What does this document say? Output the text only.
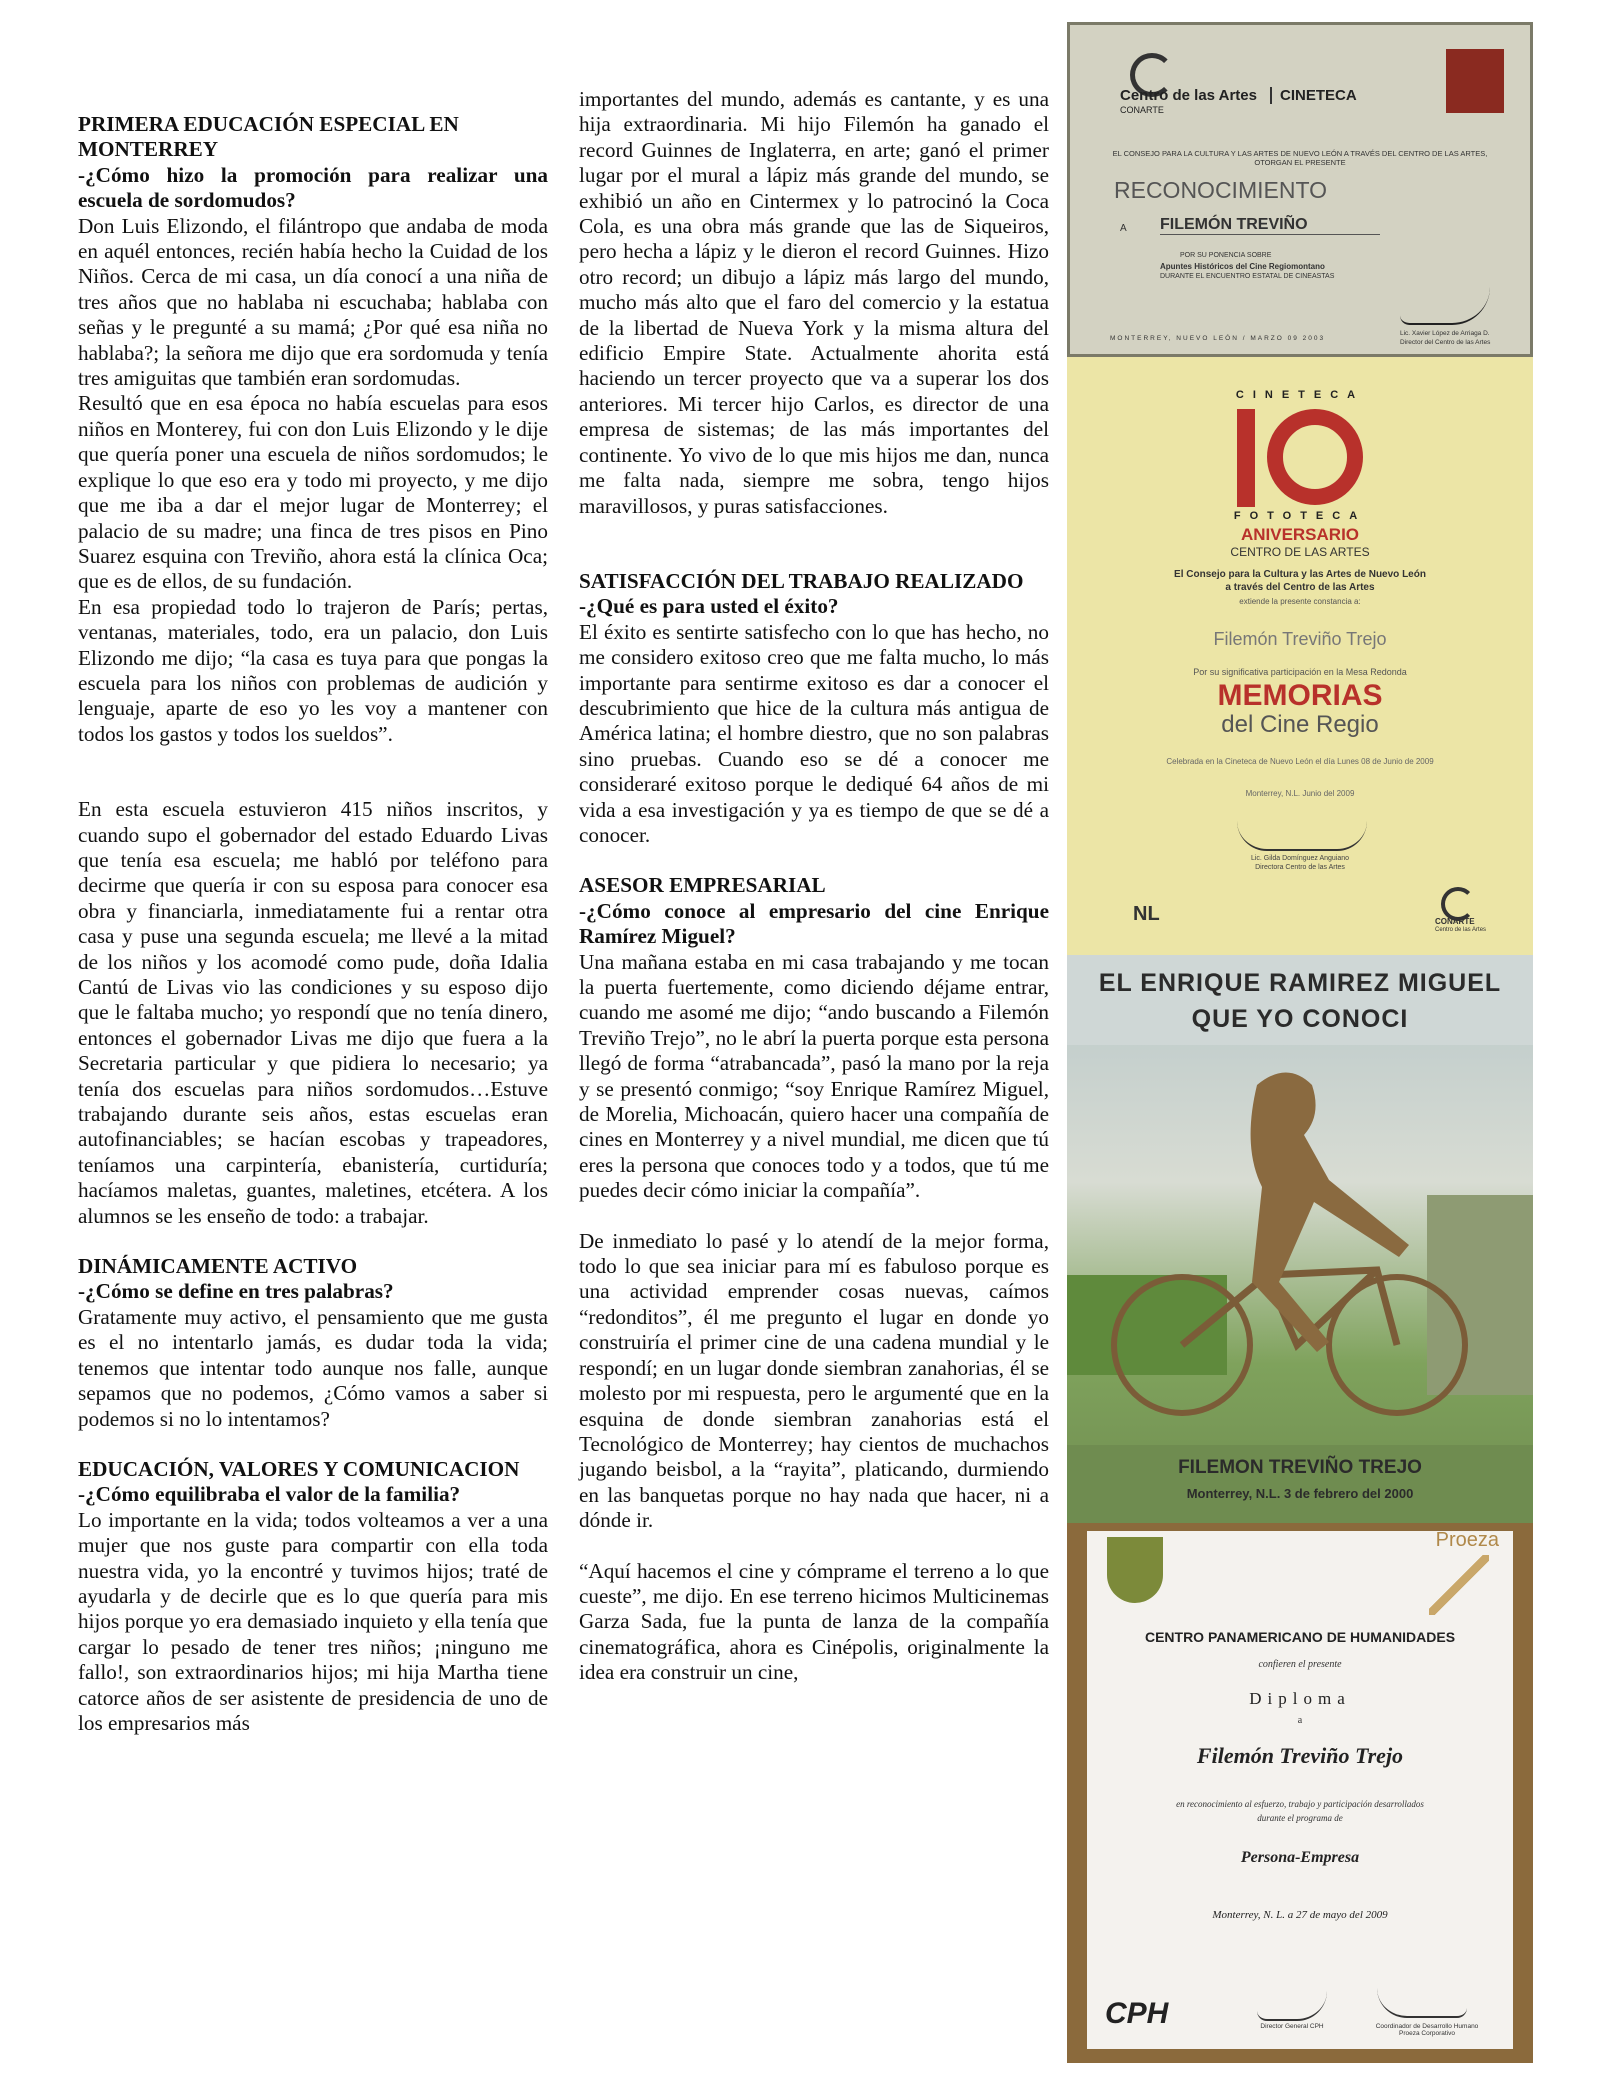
PRIMERA EDUCACIÓN ESPECIAL EN MONTERREY

-¿Cómo hizo la promoción para realizar una escuela de sordomudos?

Don Luis Elizondo, el filántropo que andaba de moda en aquél entonces, recién había hecho la Cuidad de los Niños. Cerca de mi casa, un día conocí a una niña de tres años que no hablaba ni escuchaba; hablaba con señas y le pregunté a su mamá; ¿Por qué esa niña no hablaba?; la señora me dijo que era sordomuda y tenía tres amiguitas que también eran sordomudas.

Resultó que en esa época no había escuelas para esos niños en Monterey, fui con don Luis Elizondo y le dije que quería poner una escuela de niños sordomudos; le explique lo que eso era y todo mi proyecto, y me dijo que me iba a dar el mejor lugar de Monterrey; el palacio de su madre; una finca de tres pisos en Pino Suarez esquina con Treviño, ahora está la clínica Oca; que es de ellos, de su fundación.

En esa propiedad todo lo trajeron de París; pertas, ventanas, materiales, todo, era un palacio, don Luis Elizondo me dijo; “la casa es tuya para que pongas la escuela para los niños con problemas de audición y lenguaje, aparte de eso yo les voy a mantener con todos los gastos y todos los sueldos”.

En esta escuela estuvieron 415 niños inscritos, y cuando supo el gobernador del estado Eduardo Livas que tenía esa escuela; me habló por teléfono para decirme que quería ir con su esposa para conocer esa obra y financiarla, inmediatamente fui a rentar otra casa y puse una segunda escuela; me llevé a la mitad de los niños y los acomodé como pude, doña Idalia Cantú de Livas vio las condiciones y su esposo dijo que le faltaba mucho; yo respondí que no tenía dinero, entonces el gobernador Livas me dijo que fuera a la Secretaria particular y que pidiera lo necesario; ya tenía dos escuelas para niños sordomudos…Estuve trabajando durante seis años, estas escuelas eran autofinanciables; se hacían escobas y trapeadores, teníamos una carpintería, ebanistería, curtiduría; hacíamos maletas, guantes, maletines, etcétera. A los alumnos se les enseño de todo: a trabajar.

DINÁMICAMENTE ACTIVO

-¿Cómo se define en tres palabras?

Gratamente muy activo, el pensamiento que me gusta es el no intentarlo jamás, es dudar toda la vida; tenemos que intentar todo aunque nos falle, aunque sepamos que no podemos, ¿Cómo vamos a saber si podemos si no lo intentamos?

EDUCACIÓN, VALORES Y COMUNICACION

-¿Cómo equilibraba el valor de la familia?

Lo importante en la vida; todos volteamos a ver a una mujer que nos guste para compartir con ella toda nuestra vida, yo la encontré y tuvimos hijos; traté de ayudarla y de decirle que es lo que quería para mis hijos porque yo era demasiado inquieto y ella tenía que cargar lo pesado de tener tres niños; ¡ninguno me fallo!, son extraordinarios hijos; mi hija Martha tiene catorce años de ser asistente de presidencia de uno de los empresarios más

importantes del mundo, además es cantante, y es una hija extraordinaria. Mi hijo Filemón ha ganado el record Guinnes de Inglaterra, en arte; ganó el primer lugar por el mural a lápiz más grande del mundo, se exhibió un año en Cintermex y lo patrocinó la Coca Cola, es una obra más grande que las de Siqueiros, pero hecha a lápiz y le dieron el record Guinnes. Hizo otro record; un dibujo a lápiz más largo del mundo, mucho más alto que el faro del comercio y la estatua de la libertad de Nueva York y la misma altura del edificio Empire State. Actualmente ahorita está haciendo un tercer proyecto que va a superar los dos anteriores. Mi tercer hijo Carlos, es director de una empresa de sistemas; de las más importantes del continente. Yo vivo de lo que mis hijos me dan, nunca me falta nada, siempre me sobra, tengo hijos maravillosos, y puras satisfacciones.

SATISFACCIÓN DEL TRABAJO REALIZADO

-¿Qué es para usted el éxito?

El éxito es sentirte satisfecho con lo que has hecho, no me considero exitoso creo que me falta mucho, lo más importante para sentirme exitoso es dar a conocer el descubrimiento que hice de la cultura más antigua de América latina; el hombre diestro, que no son palabras sino pruebas. Cuando eso se dé a conocer me consideraré exitoso porque le dediqué 64 años de mi vida a esa investigación y ya es tiempo de que se dé a conocer.

ASESOR EMPRESARIAL

-¿Cómo conoce al empresario del cine Enrique Ramírez Miguel?

Una mañana estaba en mi casa trabajando y me tocan la puerta fuertemente, como diciendo déjame entrar, cuando me asomé me dijo; “ando buscando a Filemón Treviño Trejo”, no le abrí la puerta porque esta persona llegó de forma “atrabancada”, pasó la mano por la reja y se presentó conmigo; “soy Enrique Ramírez Miguel, de Morelia, Michoacán, quiero hacer una compañía de cines en Monterrey y a nivel mundial, me dicen que tú eres la persona que conoces todo y a todos, que tú me puedes decir cómo iniciar la compañía”.

De inmediato lo pasé y lo atendí de la mejor forma, todo lo que sea iniciar para mí es fabuloso porque es una actividad emprender cosas nuevas, caímos “redonditos”, él me pregunto el lugar en donde yo construiría el primer cine de una cadena mundial y le respondí; en un lugar donde siembran zanahorias, él se molesto por mi respuesta, pero le argumenté que en la esquina de donde siembran zanahorias está el Tecnológico de Monterrey; hay cientos de muchachos jugando beisbol, a la “rayita”, platicando, durmiendo en las banquetas porque no hay nada que hacer, ni a dónde ir.

“Aquí hacemos el cine y cómprame el terreno a lo que cueste”, me dijo. En ese terreno hicimos Multicinemas Garza Sada, fue la punta de lanza de la compañía cinematográfica, ahora es Cinépolis, originalmente la idea era construir un cine,

Centro de las Artes
CONARTE
CINETECA
EL CONSEJO PARA LA CULTURA Y LAS ARTES DE NUEVO LEÓN A TRAVÉS DEL CENTRO DE LAS ARTES, OTORGAN EL PRESENTE
RECONOCIMIENTO
A FILEMÓN TREVIÑO
POR SU PONENCIA SOBRE
Apuntes Históricos del Cine Regiomontano
DURANTE EL ENCUENTRO ESTATAL DE CINEASTAS
MONTERREY, NUEVO LEÓN / MARZO 09 2003
Lic. Xavier López de Arriaga D.
Director del Centro de las Artes
CINETECA
FOTOTECA
ANIVERSARIO
CENTRO DE LAS ARTES
El Consejo para la Cultura y las Artes de Nuevo León
a través del Centro de las Artes
extiende la presente constancia a:
Filemón Treviño Trejo
Por su significativa participación en la Mesa Redonda
MEMORIAS
del Cine Regio
Celebrada en la Cineteca de Nuevo León el día Lunes 08 de Junio de 2009
Monterrey, N.L. Junio del 2009
Lic. Gilda Domínguez Anguiano
Directora Centro de las Artes
NL	CONARTE
Centro de las Artes
EL ENRIQUE RAMIREZ MIGUEL
QUE YO CONOCI
FILEMON TREVIÑO TREJO
Monterrey, N.L. 3 de febrero del 2000
Proeza
CENTRO PANAMERICANO DE HUMANIDADES
confieren el presente
Diploma
a
Filemón Treviño Trejo
en reconocimiento al esfuerzo, trabajo y participación desarrollados
durante el programa de
Persona-Empresa
Monterrey, N. L. a 27 de mayo del 2009
CPH	Director General CPH	Coordinador de Desarrollo Humano Proeza Corporativo
